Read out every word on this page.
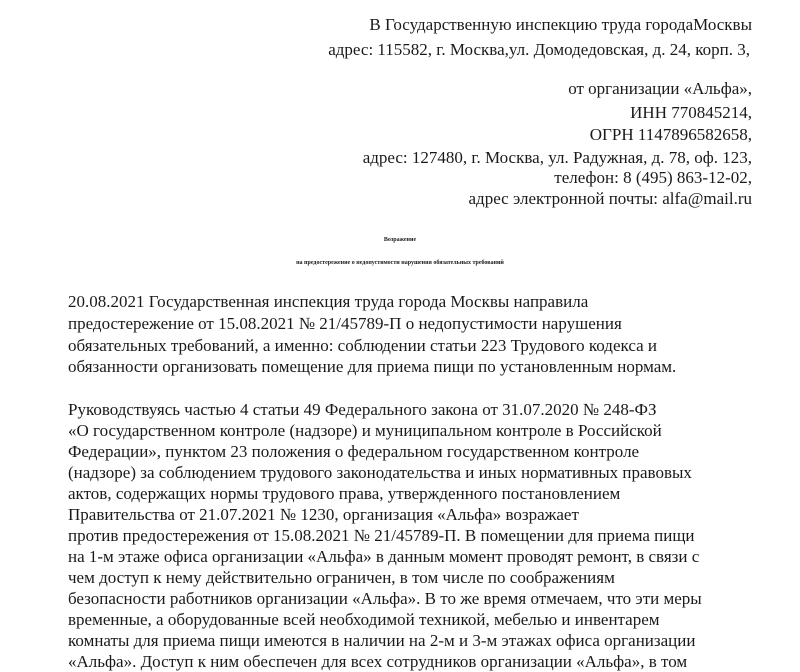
В Государственную инспекцию труда городаМосквы
адрес: 115582, г. Москва,ул. Домодедовская, д. 24, корп. 3,
от организации «Альфа»,
ИНН 770845214,
ОГРН 1147896582658,
адрес: 127480, г. Москва, ул. Радужная, д. 78, оф. 123,
телефон: 8 (495) 863-12-02,
адрес электронной почты: alfa@mail.ru
Возражение
на предостережение о недопустимости нарушения обязательных требований
20.08.2021 Государственная инспекция труда города Москвы направила
предостережение от 15.08.2021 № 21/45789-П о недопустимости нарушения
обязательных требований, а именно: соблюдении статьи 223 Трудового кодекса и
обязанности организовать помещение для приема пищи по установленным нормам.
Руководствуясь частью 4 статьи 49 Федерального закона от 31.07.2020 № 248-ФЗ
«О государственном контроле (надзоре) и муниципальном контроле в Российской
Федерации», пунктом 23 положения о федеральном государственном контроле
(надзоре) за соблюдением трудового законодательства и иных нормативных правовых
актов, содержащих нормы трудового права, утвержденного постановлением
Правительства от 21.07.2021 № 1230, организация «Альфа» возражает
против предостережения от 15.08.2021 № 21/45789-П. В помещении для приема пищи
на 1-м этаже офиса организации «Альфа» в данным момент проводят ремонт, в связи с
чем доступ к нему действительно ограничен, в том числе по соображениям
безопасности работников организации «Альфа». В то же время отмечаем, что эти меры
временные, а оборудованные всей необходимой техникой, мебелью и инвентарем
комнаты для приема пищи имеются в наличии на 2-м и 3-м этажах офиса организации
«Альфа». Доступ к ним обеспечен для всех сотрудников организации «Альфа», в том
